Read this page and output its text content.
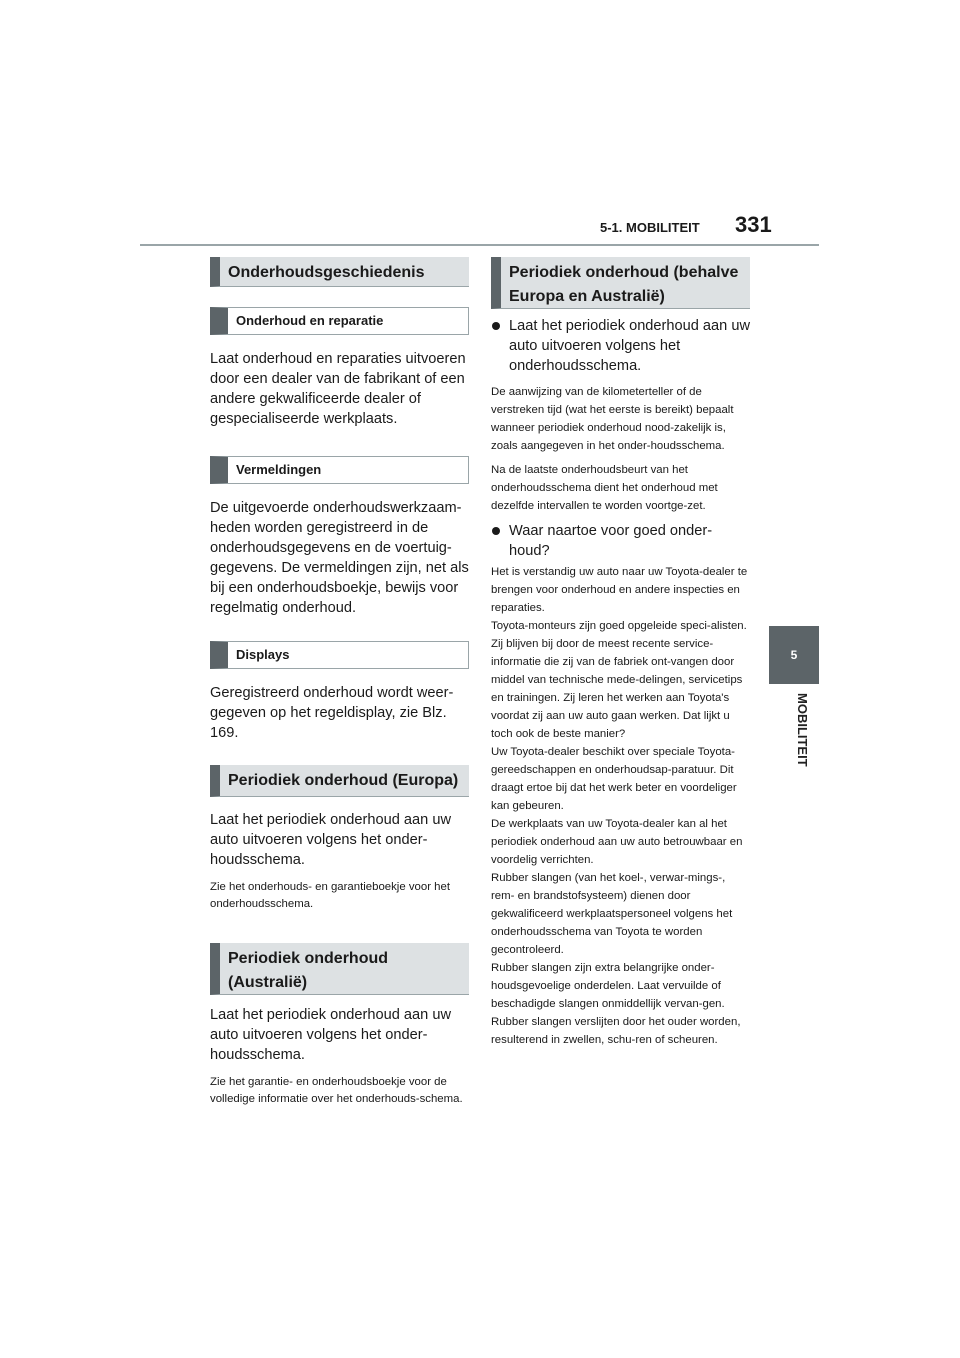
5-1. MOBILITEIT 331
5
MOBILITEIT
Onderhoudsgeschiedenis
Onderhoud en reparatie

Laat onderhoud en reparaties uitvoeren door een dealer van de fabrikant of een andere gekwalificeerde dealer of gespecialiseerde werkplaats.

Vermeldingen

De uitgevoerde onderhoudswerkzaam-heden worden geregistreerd in de onderhoudsgegevens en de voertuig-gegevens. De vermeldingen zijn, net als bij een onderhoudsboekje, bewijs voor regelmatig onderhoud.

Displays

Geregistreerd onderhoud wordt weer-gegeven op het regeldisplay, zie Blz. 169.

Periodiek onderhoud (Europa)

Laat het periodiek onderhoud aan uw auto uitvoeren volgens het onder-houdsschema.

Zie het onderhouds- en garantieboekje voor het onderhoudsschema.

Periodiek onderhoud (Australië)

Laat het periodiek onderhoud aan uw auto uitvoeren volgens het onder-houdsschema.

Zie het garantie- en onderhoudsboekje voor de volledige informatie over het onderhouds-schema.

Periodiek onderhoud (behalve Europa en Australië)

Laat het periodiek onderhoud aan uw auto uitvoeren volgens het onderhoudsschema.

De aanwijzing van de kilometerteller of de verstreken tijd (wat het eerste is bereikt) bepaalt wanneer periodiek onderhoud nood-zakelijk is, zoals aangegeven in het onder-houdsschema.

Na de laatste onderhoudsbeurt van het onderhoudsschema dient het onderhoud met dezelfde intervallen te worden voortge-zet.

Waar naartoe voor goed onder-houd?

Het is verstandig uw auto naar uw Toyota-dealer te brengen voor onderhoud en andere inspecties en reparaties.

Toyota-monteurs zijn goed opgeleide speci-alisten. Zij blijven bij door de meest recente service-informatie die zij van de fabriek ont-vangen door middel van technische mede-delingen, servicetips en trainingen. Zij leren het werken aan Toyota's voordat zij aan uw auto gaan werken. Dat lijkt u toch ook de beste manier?

Uw Toyota-dealer beschikt over speciale Toyota-gereedschappen en onderhoudsap-paratuur. Dit draagt ertoe bij dat het werk beter en voordeliger kan gebeuren.

De werkplaats van uw Toyota-dealer kan al het periodiek onderhoud aan uw auto betrouwbaar en voordelig verrichten.

Rubber slangen (van het koel-, verwar-mings-, rem- en brandstofsysteem) dienen door gekwalificeerd werkplaatspersoneel volgens het onderhoudsschema van Toyota te worden gecontroleerd.

Rubber slangen zijn extra belangrijke onder-houdsgevoelige onderdelen. Laat vervuilde of beschadigde slangen onmiddellijk vervan-gen. Rubber slangen verslijten door het ouder worden, resulterend in zwellen, schu-ren of scheuren.
